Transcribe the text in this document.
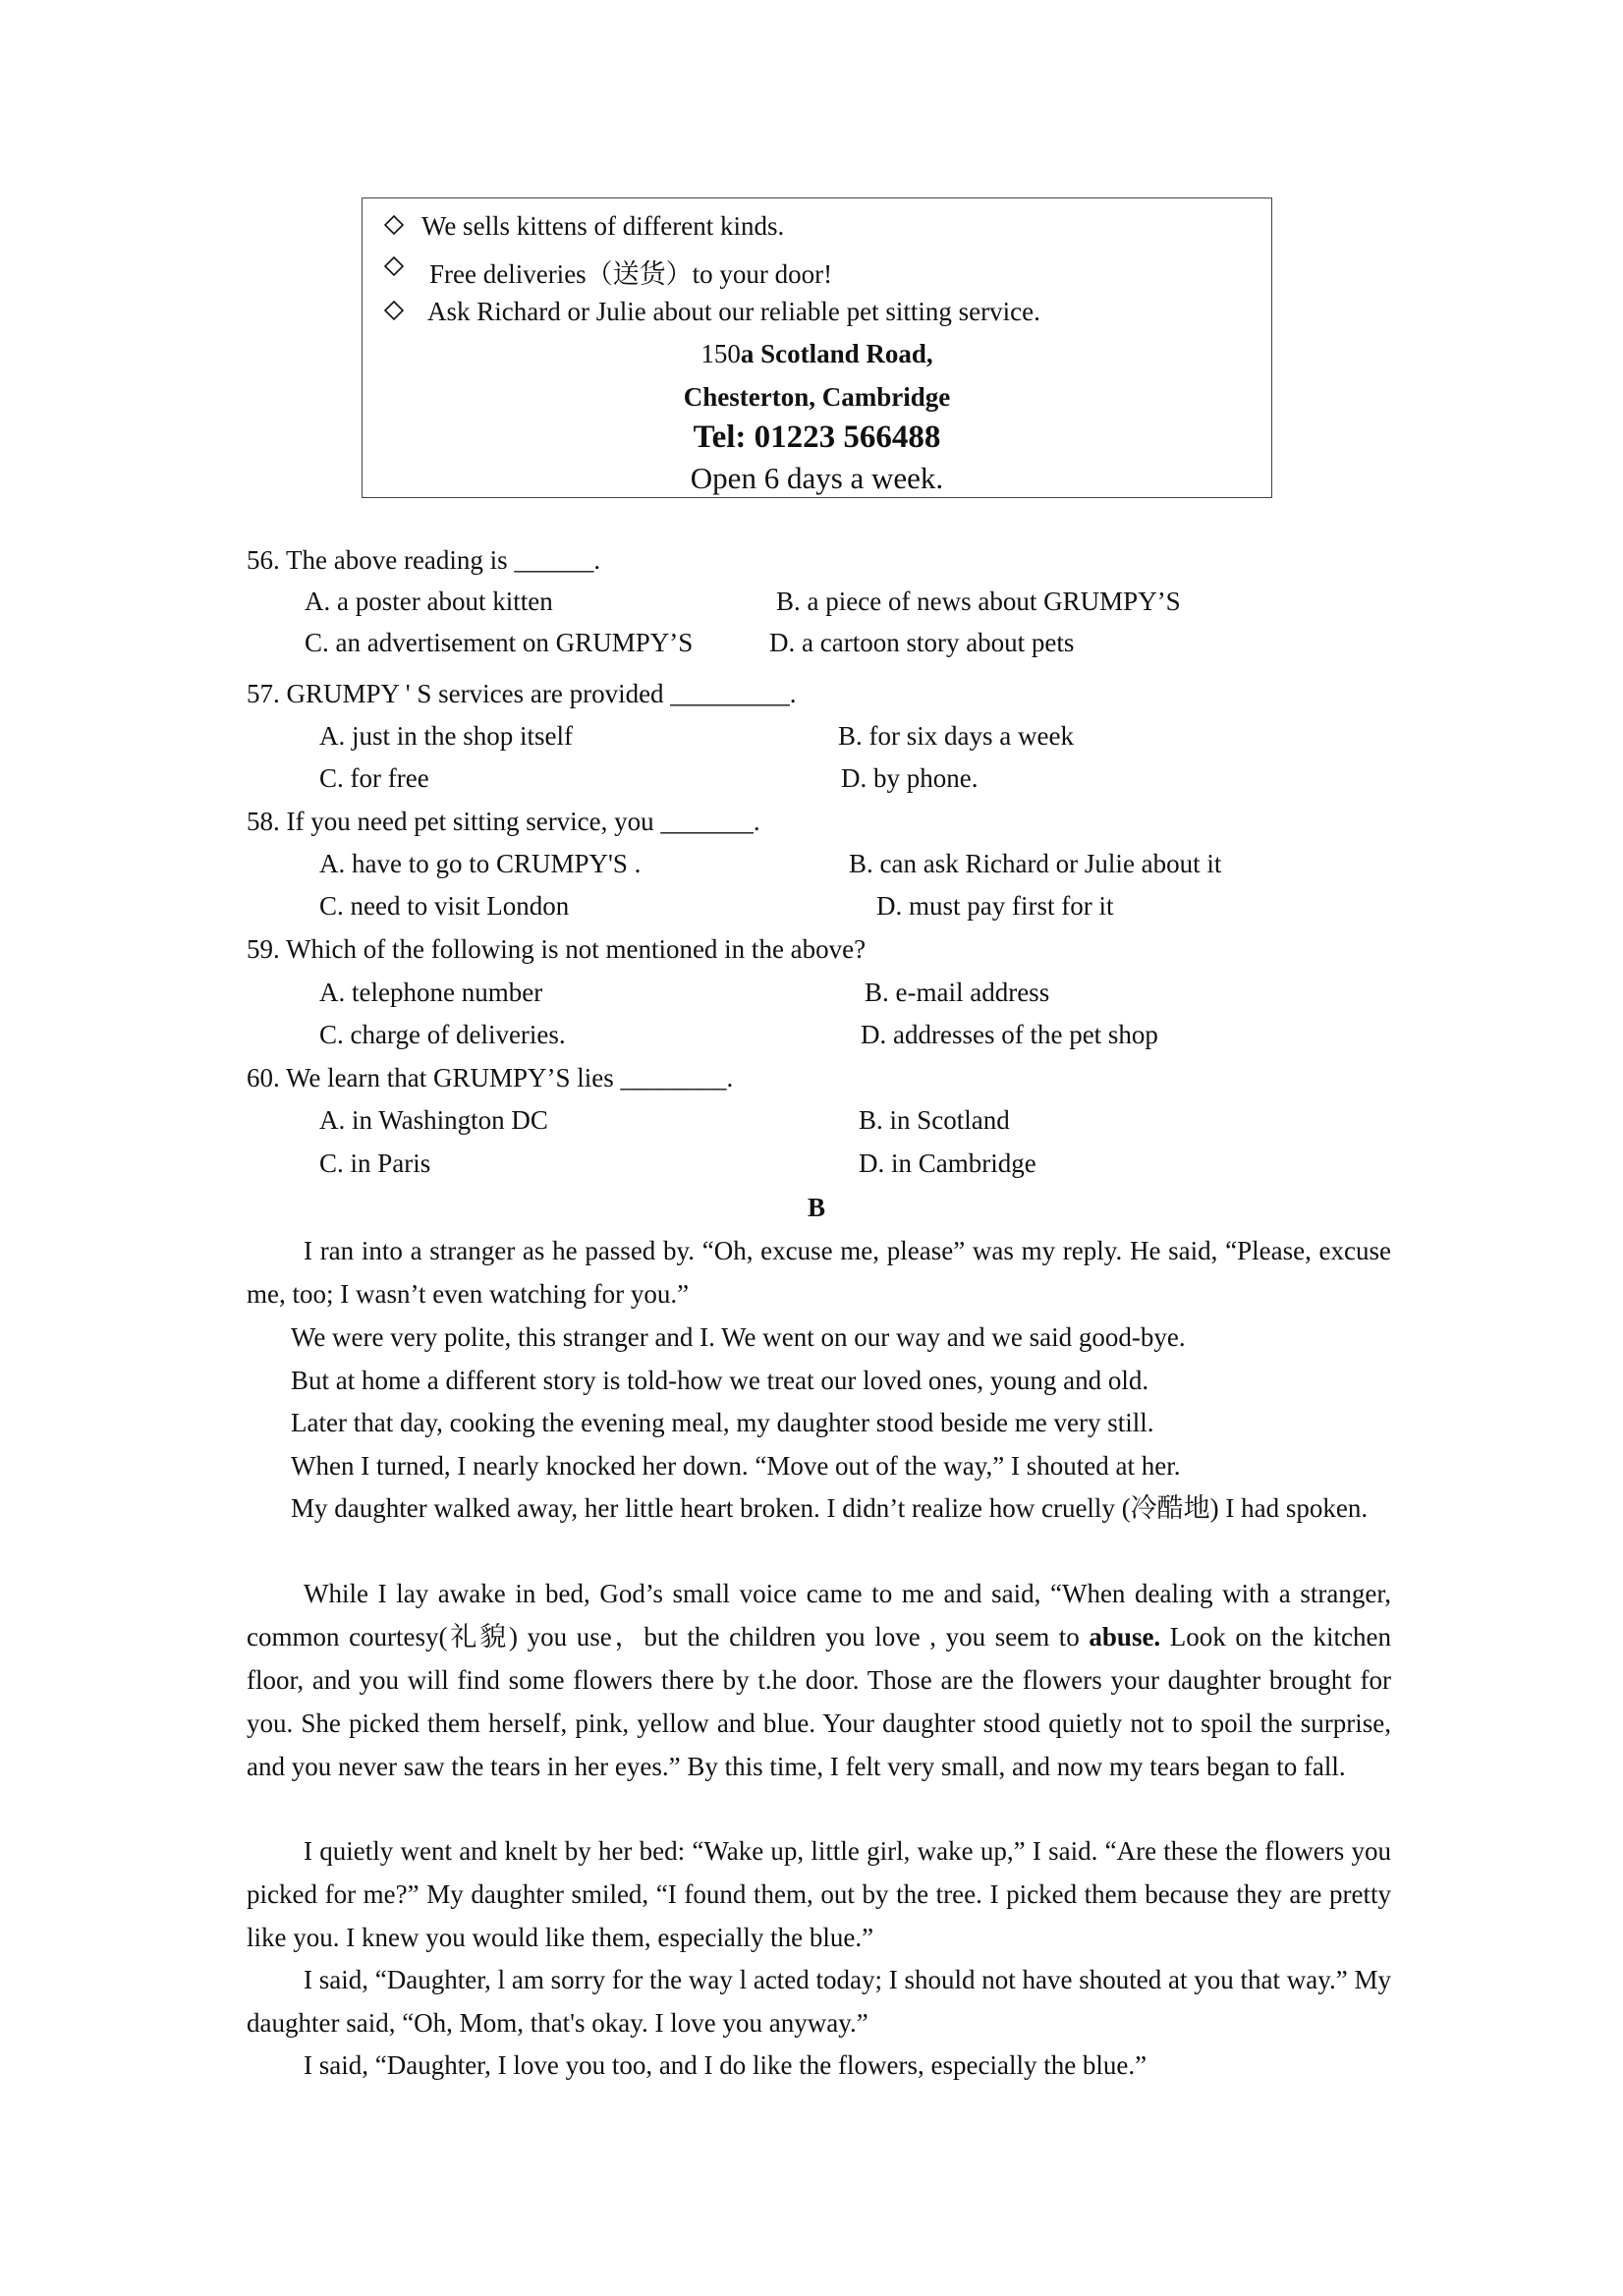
We sells kittens of different kinds.
Free deliveries（送货）to your door!
Ask Richard or Julie about our reliable pet sitting service.
150a Scotland Road,
Chesterton, Cambridge
Tel: 01223 566488
Open 6 days a week.
56. The above reading is ______.
A. a poster about kitten	B. a piece of news about GRUMPY’S
C. an advertisement on GRUMPY’S	D. a cartoon story about pets
57. GRUMPY ' S services are provided _________.
A. just in the shop itself	B. for six days a week
C. for free	D. by phone.
58. If you need pet sitting service, you _______.
A. have to go to CRUMPY'S .	B. can ask Richard or Julie about it
C. need to visit London	D. must pay first for it
59. Which of the following is not mentioned in the above?
A. telephone number	B. e-mail address
C. charge of deliveries.	D. addresses of the pet shop
60. We learn that GRUMPY’S lies ________.
A. in Washington DC	B. in Scotland
C. in Paris	D. in Cambridge
B

I ran into a stranger as he passed by. “Oh, excuse me, please” was my reply. He said, “Please, excuse me, too; I wasn’t even watching for you.”

We were very polite, this stranger and I. We went on our way and we said good-bye.

But at home a different story is told-how we treat our loved ones, young and old.

Later that day, cooking the evening meal, my daughter stood beside me very still.

When I turned, I nearly knocked her down. “Move out of the way,” I shouted at her.

My daughter walked away, her little heart broken. I didn’t realize how cruelly (冷酷地) I had spoken.

While I lay awake in bed, God’s small voice came to me and said, “When dealing with a stranger, common courtesy(礼貌) you use，but the children you love , you seem to abuse. Look on the kitchen floor, and you will find some flowers there by t.he door. Those are the flowers your daughter brought for you. She picked them herself, pink, yellow and blue. Your daughter stood quietly not to spoil the surprise, and you never saw the tears in her eyes.” By this time, I felt very small, and now my tears began to fall.

I quietly went and knelt by her bed: “Wake up, little girl, wake up,” I said. “Are these the flowers you picked for me?” My daughter smiled, “I found them, out by the tree. I picked them because they are pretty like you. I knew you would like them, especially the blue.”

I said, “Daughter, l am sorry for the way l acted today; I should not have shouted at you that way.” My daughter said, “Oh, Mom, that's okay. I love you anyway.”

I said, “Daughter, I love you too, and I do like the flowers, especially the blue.”
